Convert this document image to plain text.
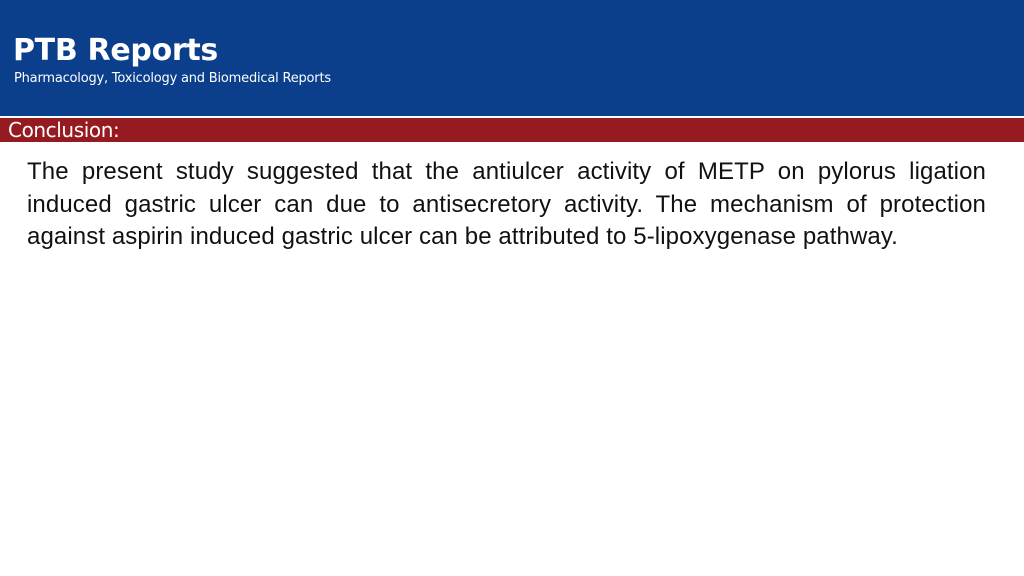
PTB Reports
Pharmacology, Toxicology and Biomedical Reports
Conclusion:

The present study suggested that the antiulcer activity of METP on pylorus ligation induced gastric ulcer can due to antisecretory activity. The mechanism of protection against aspirin induced gastric ulcer can be attributed to 5-lipoxygenase pathway.
